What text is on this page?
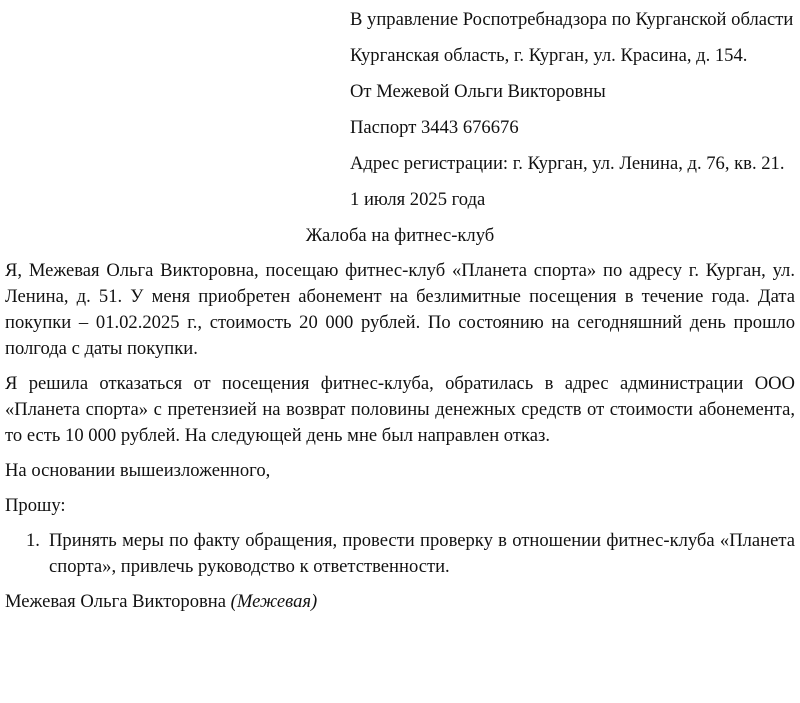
В управление Роспотребнадзора по Курганской области

Курганская область, г. Курган, ул. Красина, д. 154.

От Межевой Ольги Викторовны

Паспорт 3443 676676

Адрес регистрации: г. Курган, ул. Ленина, д. 76, кв. 21.

1 июля 2025 года

Жалоба на фитнес-клуб

Я, Межевая Ольга Викторовна, посещаю фитнес-клуб «Планета спорта» по адресу г. Курган, ул. Ленина, д. 51. У меня приобретен абонемент на безлимитные посещения в течение года. Дата покупки – 01.02.2025 г., стоимость 20 000 рублей. По состоянию на сегодняшний день прошло полгода с даты покупки.

Я решила отказаться от посещения фитнес-клуба, обратилась в адрес администрации ООО «Планета спорта» с претензией на возврат половины денежных средств от стоимости абонемента, то есть 10 000 рублей. На следующей день мне был направлен отказ.

На основании вышеизложенного,

Прошу:

1. Принять меры по факту обращения, провести проверку в отношении фитнес-клуба «Планета спорта», привлечь руководство к ответственности.

Межевая Ольга Викторовна (Межевая)
